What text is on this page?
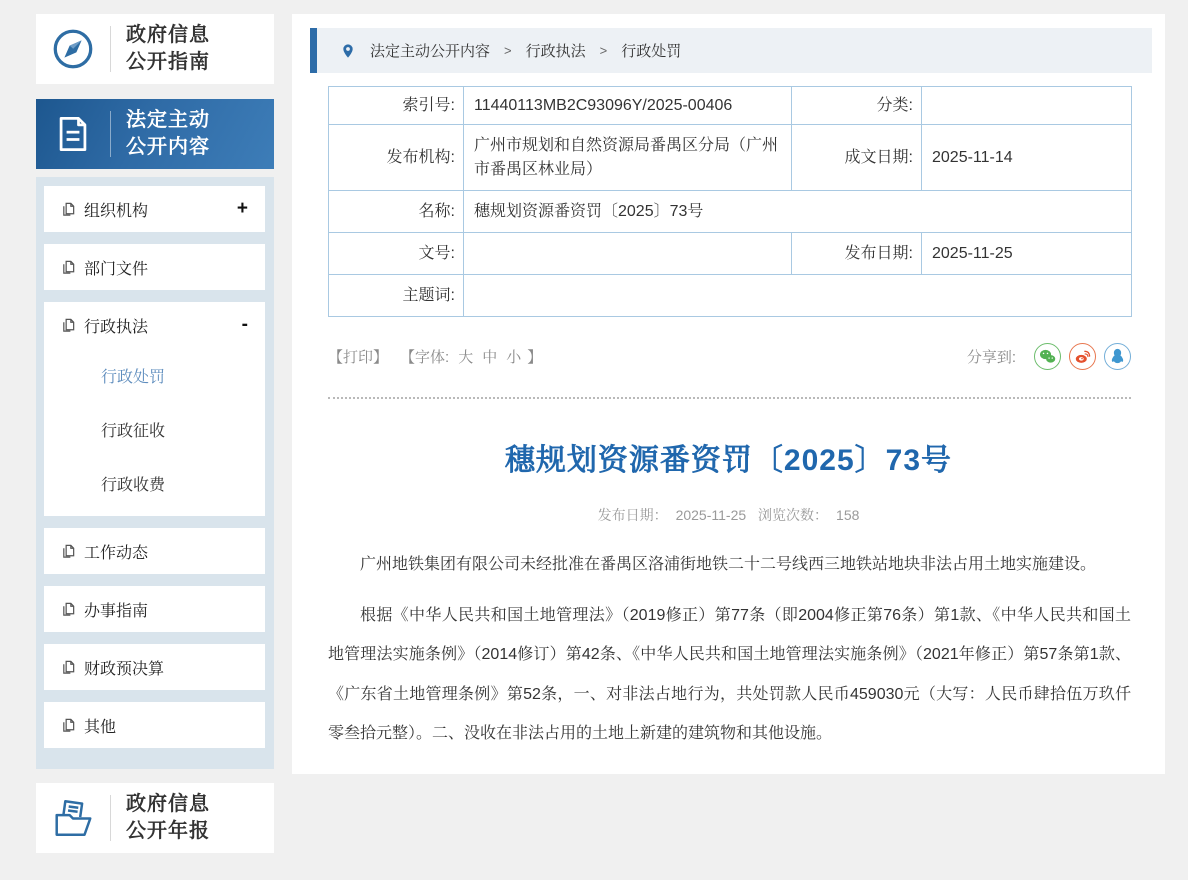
政府信息
公开指南
法定主动
公开内容
组织机构	+
部门文件
行政执法	-
行政处罚
行政征收
行政收费
工作动态
办事指南
财政预决算
其他
政府信息
公开年报
法定主动公开内容 > 行政执法 > 行政处罚
索引号:	11440113MB2C93096Y/2025-00406	分类:	
发布机构:	广州市规划和自然资源局番禺区分局（广州市番禺区林业局）	成文日期:	2025-11-14
名称:	穗规划资源番资罚〔2025〕73号		
文号:		发布日期:	2025-11-25
主题词:			
【打印】 【字体: 大 中 小 】	分享到:
穗规划资源番资罚〔2025〕73号
发布日期： 2025-11-25 浏览次数： 158

广州地铁集团有限公司未经批准在番禺区洛浦街地铁二十二号线西三地铁站地块非法占用土地实施建设。

根据《中华人民共和国土地管理法》（2019修正）第77条（即2004修正第76条）第1款、《中华人民共和国土地管理法实施条例》（2014修订）第42条、《中华人民共和国土地管理法实施条例》（2021年修正）第57条第1款、《广东省土地管理条例》第52条，一、对非法占地行为，共处罚款人民币459030元（大写：人民币肆拾伍万玖仟零叁拾元整）。二、没收在非法占用的土地上新建的建筑物和其他设施。
